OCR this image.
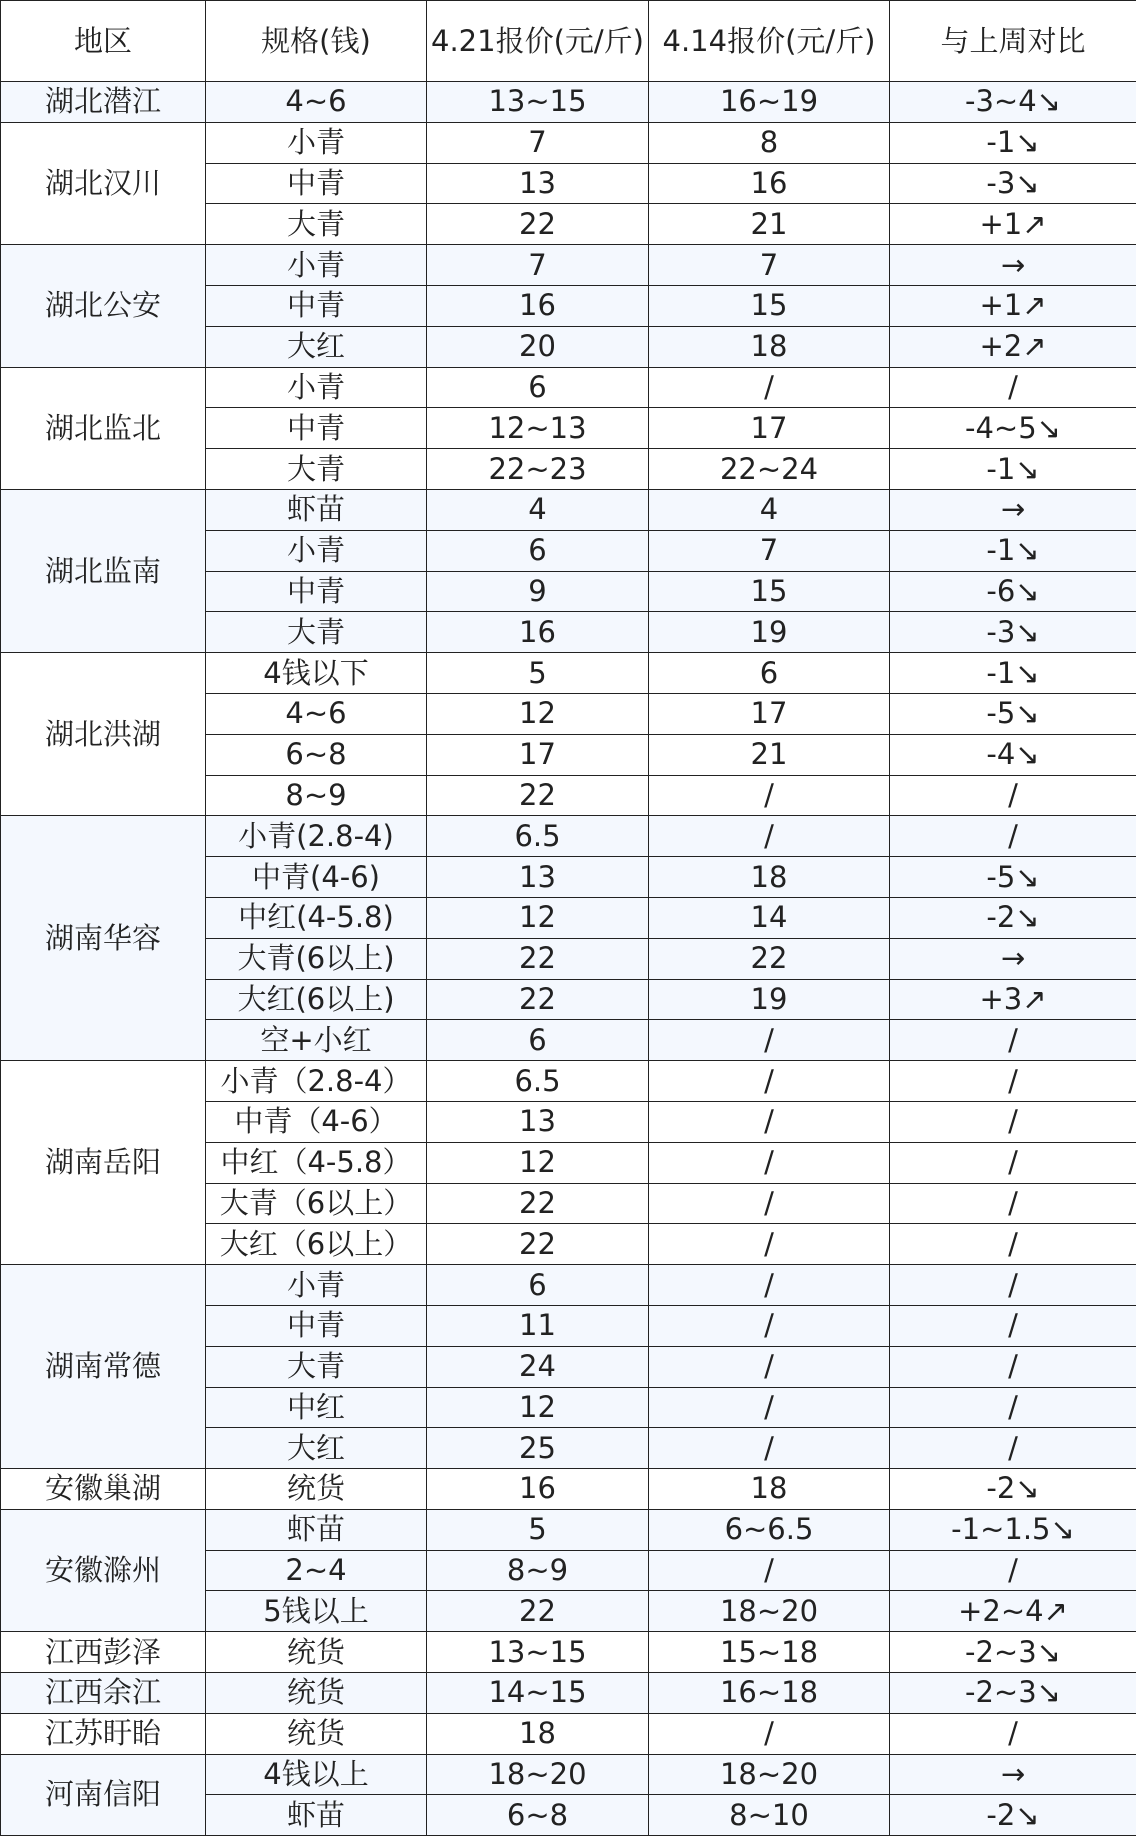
地区	规格(钱)	4.21报价(元/斤)	4.14报价(元/斤)	与上周对比
湖北潜江	4~6	13~15	16~19	-3~4↘
湖北汉川	小青	7	8	-1↘
	中青	13	16	-3↘
	大青	22	21	+1↗
湖北公安	小青	7	7	→
	中青	16	15	+1↗
	大红	20	18	+2↗
湖北监北	小青	6	/	/
	中青	12~13	17	-4~5↘
	大青	22~23	22~24	-1↘
湖北监南	虾苗	4	4	→
	小青	6	7	-1↘
	中青	9	15	-6↘
	大青	16	19	-3↘
湖北洪湖	4钱以下	5	6	-1↘
	4~6	12	17	-5↘
	6~8	17	21	-4↘
	8~9	22	/	/
湖南华容	小青(2.8-4)	6.5	/	/
	中青(4-6)	13	18	-5↘
	中红(4-5.8)	12	14	-2↘
	大青(6以上)	22	22	→
	大红(6以上)	22	19	+3↗
	空+小红	6	/	/
湖南岳阳	小青（2.8-4）	6.5	/	/
	中青（4-6）	13	/	/
	中红（4-5.8）	12	/	/
	大青（6以上）	22	/	/
	大红（6以上）	22	/	/
湖南常德	小青	6	/	/
	中青	11	/	/
	大青	24	/	/
	中红	12	/	/
	大红	25	/	/
安徽巢湖	统货	16	18	-2↘
安徽滁州	虾苗	5	6~6.5	-1~1.5↘
	2~4	8~9	/	/
	5钱以上	22	18~20	+2~4↗
江西彭泽	统货	13~15	15~18	-2~3↘
江西余江	统货	14~15	16~18	-2~3↘
江苏盱眙	统货	18	/	/
河南信阳	4钱以上	18~20	18~20	→
	虾苗	6~8	8~10	-2↘
